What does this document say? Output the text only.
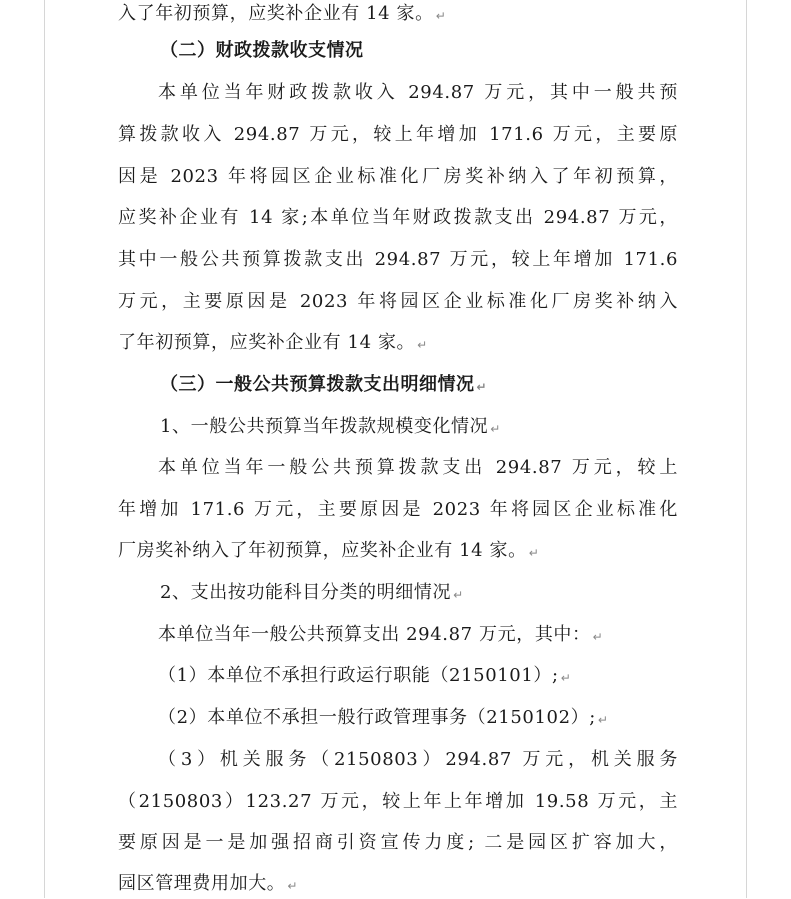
入了年初预算，应奖补企业有 14 家。 ↵
（二）财政拨款收支情况
本单位当年财政拨款收入 294.87 万元，其中一般共预
算拨款收入 294.87 万元，较上年增加 171.6 万元，主要原
因是 2023 年将园区企业标准化厂房奖补纳入了年初预算，
应奖补企业有 14 家;本单位当年财政拨款支出 294.87 万元，
其中一般公共预算拨款支出 294.87 万元，较上年增加 171.6
万元，主要原因是 2023 年将园区企业标准化厂房奖补纳入
了年初预算，应奖补企业有 14 家。 ↵
（三）一般公共预算拨款支出明细情况 ↵
1、一般公共预算当年拨款规模变化情况 ↵
本单位当年一般公共预算拨款支出 294.87 万元，较上
年增加 171.6 万元，主要原因是 2023 年将园区企业标准化
厂房奖补纳入了年初预算，应奖补企业有 14 家。 ↵
2、支出按功能科目分类的明细情况 ↵
本单位当年一般公共预算支出 294.87 万元，其中： ↵
（1）本单位不承担行政运行职能（2150101）; ↵
（2）本单位不承担一般行政管理事务（2150102）; ↵
（3）机关服务（2150803）294.87 万元，机关服务
（2150803）123.27 万元，较上年上年增加 19.58 万元，主
要原因是一是加强招商引资宣传力度; 二是园区扩容加大，
园区管理费用加大。 ↵
